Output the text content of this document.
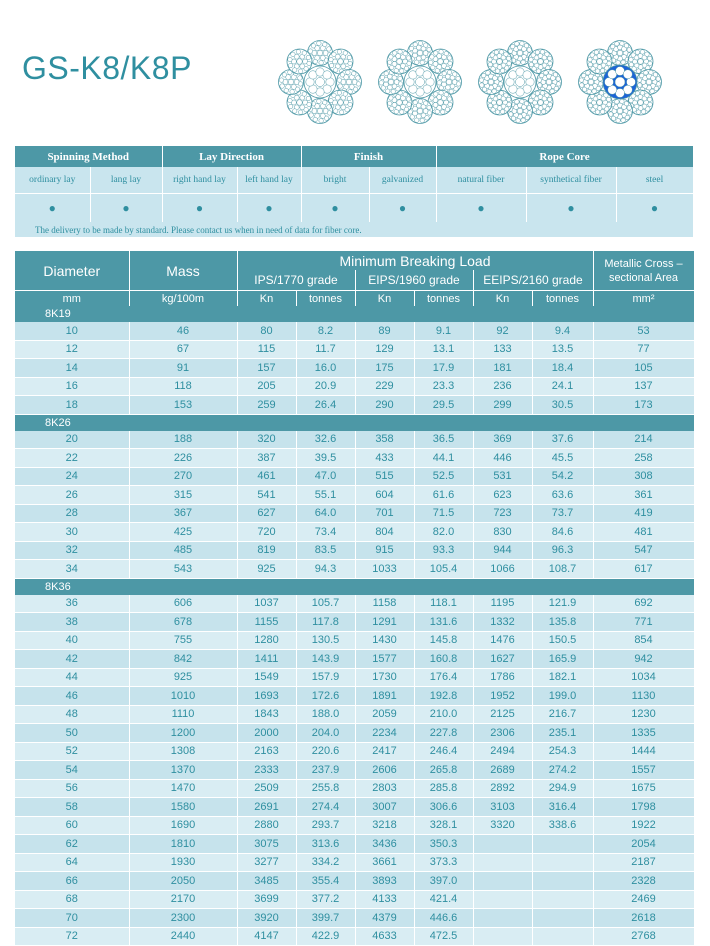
GS-K8/K8P
Spinning Method		Lay Direction		Finish		Rope Core		
ordinary lay	lang lay	right hand lay	left hand lay	bright	galvanized	natural fiber	synthetical fiber	steel
●	●	●	●	●	●	●	●	●
The delivery to be made by standard. Please contact us when in need of data for fiber core.								
Diameter	Mass	Minimum Breaking Load						Metallic Cross –sectional Area
		IPS/1770 grade		EIPS/1960 grade		EEIPS/2160 grade		
mm	kg/100m	Kn	tonnes	Kn	tonnes	Kn	tonnes	mm²
8K19								
10	46	80	8.2	89	9.1	92	9.4	53
12	67	115	11.7	129	13.1	133	13.5	77
14	91	157	16.0	175	17.9	181	18.4	105
16	118	205	20.9	229	23.3	236	24.1	137
18	153	259	26.4	290	29.5	299	30.5	173
8K26								
20	188	320	32.6	358	36.5	369	37.6	214
22	226	387	39.5	433	44.1	446	45.5	258
24	270	461	47.0	515	52.5	531	54.2	308
26	315	541	55.1	604	61.6	623	63.6	361
28	367	627	64.0	701	71.5	723	73.7	419
30	425	720	73.4	804	82.0	830	84.6	481
32	485	819	83.5	915	93.3	944	96.3	547
34	543	925	94.3	1033	105.4	1066	108.7	617
8K36								
36	606	1037	105.7	1158	118.1	1195	121.9	692
38	678	1155	117.8	1291	131.6	1332	135.8	771
40	755	1280	130.5	1430	145.8	1476	150.5	854
42	842	1411	143.9	1577	160.8	1627	165.9	942
44	925	1549	157.9	1730	176.4	1786	182.1	1034
46	1010	1693	172.6	1891	192.8	1952	199.0	1130
48	1110	1843	188.0	2059	210.0	2125	216.7	1230
50	1200	2000	204.0	2234	227.8	2306	235.1	1335
52	1308	2163	220.6	2417	246.4	2494	254.3	1444
54	1370	2333	237.9	2606	265.8	2689	274.2	1557
56	1470	2509	255.8	2803	285.8	2892	294.9	1675
58	1580	2691	274.4	3007	306.6	3103	316.4	1798
60	1690	2880	293.7	3218	328.1	3320	338.6	1922
62	1810	3075	313.6	3436	350.3			2054
64	1930	3277	334.2	3661	373.3			2187
66	2050	3485	355.4	3893	397.0			2328
68	2170	3699	377.2	4133	421.4			2469
70	2300	3920	399.7	4379	446.6			2618
72	2440	4147	422.9	4633	472.5			2768
